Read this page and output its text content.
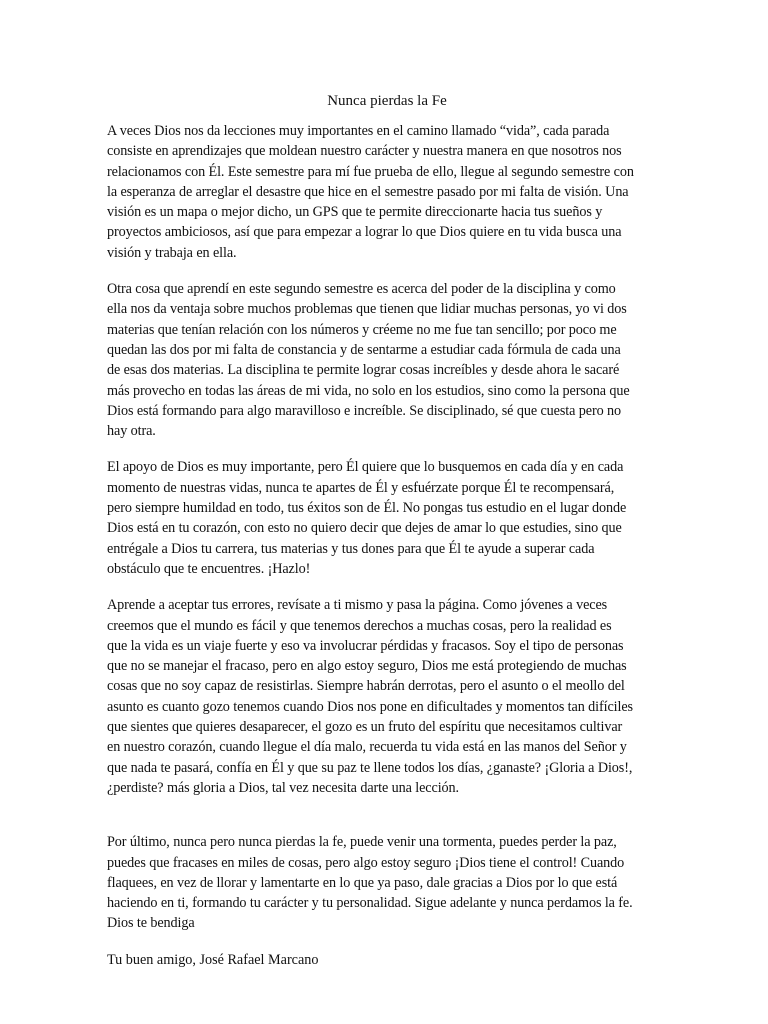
Nunca pierdas la Fe
A veces Dios nos da lecciones muy importantes en el camino llamado “vida”, cada parada
consiste en aprendizajes que moldean nuestro carácter y nuestra manera en que nosotros nos
relacionamos con Él. Este semestre para mí fue prueba de ello, llegue al segundo semestre con
la esperanza de arreglar el desastre que hice en el semestre pasado por mi falta de visión. Una
visión es un mapa o mejor dicho, un GPS que te permite direccionarte hacia tus sueños y
proyectos ambiciosos, así que para empezar a lograr lo que Dios quiere en tu vida busca una
visión y trabaja en ella.
Otra cosa que aprendí en este segundo semestre es acerca del poder de la disciplina y como
ella nos da ventaja sobre muchos problemas que tienen que lidiar muchas personas, yo vi dos
materias que tenían relación con los números y créeme no me fue tan sencillo; por poco me
quedan las dos por mi falta de constancia y de sentarme a estudiar cada fórmula de cada una
de esas dos materias. La disciplina te permite lograr cosas increíbles y desde ahora le sacaré
más provecho en todas las áreas de mi vida, no solo en los estudios, sino como la persona que
Dios está formando para algo maravilloso e increíble. Se disciplinado, sé que cuesta pero no
hay otra.
El apoyo de Dios es muy importante, pero Él quiere que lo busquemos en cada día y en cada
momento de nuestras vidas, nunca te apartes de Él y esfuérzate porque Él te recompensará,
pero siempre humildad en todo, tus éxitos son de Él. No pongas tus estudio en el lugar donde
Dios está en tu corazón, con esto no quiero decir que dejes de amar lo que estudies, sino que
entrégale a Dios tu carrera, tus materias y tus dones para que Él te ayude a superar cada
obstáculo que te encuentres. ¡Hazlo!
Aprende a aceptar tus errores, revísate a ti mismo y pasa la página. Como jóvenes a veces
creemos que el mundo es fácil y que tenemos derechos a muchas cosas, pero la realidad es
que la vida es un viaje fuerte y eso va involucrar pérdidas y fracasos. Soy el tipo de personas
que no se manejar el fracaso, pero en algo estoy seguro, Dios me está protegiendo de muchas
cosas que no soy capaz de resistirlas. Siempre habrán derrotas, pero el asunto o el meollo del
asunto es cuanto gozo tenemos cuando Dios nos pone en dificultades y momentos tan difíciles
que sientes que quieres desaparecer, el gozo es un fruto del espíritu que necesitamos cultivar
en nuestro corazón, cuando llegue el día malo, recuerda tu vida está en las manos del Señor y
que nada te pasará, confía en Él y que su paz te llene todos los días, ¿ganaste? ¡Gloria a Dios!,
¿perdiste? más gloria a Dios, tal vez necesita darte una lección.
Por último, nunca pero nunca pierdas la fe, puede venir una tormenta, puedes perder la paz,
puedes que fracases en miles de cosas, pero algo estoy seguro ¡Dios tiene el control! Cuando
flaquees, en vez de llorar y lamentarte en lo que ya paso, dale gracias a Dios por lo que está
haciendo en ti, formando tu carácter y tu personalidad. Sigue adelante y nunca perdamos la fe.
Dios te bendiga
Tu buen amigo, José Rafael Marcano
